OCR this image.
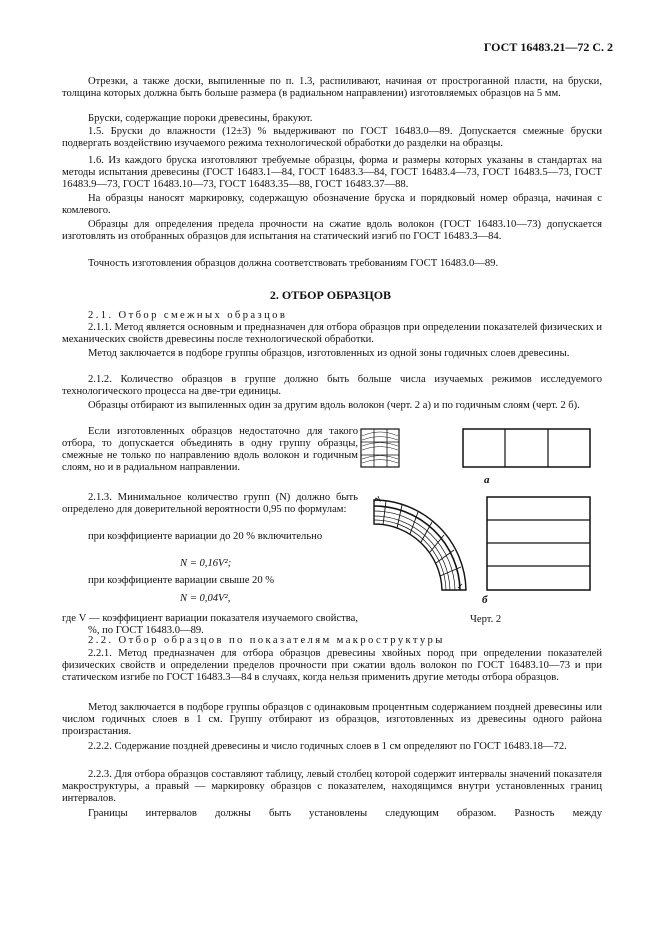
ГОСТ 16483.21—72 С. 2

Отрезки, а также доски, выпиленные по п. 1.3, распиливают, начиная от прострoганной пласти, на бруски, толщина которых должна быть больше размера (в радиальном направлении) изготовляемых образцов на 5 мм.

Бруски, содержащие пороки древесины, бракуют.

1.5. Бруски до влажности (12±3) % выдерживают по ГОСТ 16483.0—89. Допускается смежные бруски подвергать воздействию изучаемого режима технологической обработки до разделки на образцы.

1.6. Из каждого бруска изготовляют требуемые образцы, форма и размеры которых указаны в стандартах на методы испытания древесины (ГОСТ 16483.1—84, ГОСТ 16483.3—84, ГОСТ 16483.4—73, ГОСТ 16483.5—73, ГОСТ 16483.9—73, ГОСТ 16483.10—73, ГОСТ 16483.35—88, ГОСТ 16483.37—88.

На образцы наносят маркировку, содержащую обозначение бруска и порядковый номер образца, начиная с комлевого.

Образцы для определения предела прочности на сжатие вдоль волокон (ГОСТ 16483.10—73) допускается изготовлять из отобранных образцов для испытания на статический изгиб по ГОСТ 16483.3—84.

Точность изготовления образцов должна соответствовать требованиям ГОСТ 16483.0—89.

2. ОТБОР ОБРАЗЦОВ

2.1. Отбор смежных образцов

2.1.1. Метод является основным и предназначен для отбора образцов при определении показателей физических и механических свойств древесины после технологической обработки.

Метод заключается в подборе группы образцов, изготовленных из одной зоны годичных слоев древесины.

2.1.2. Количество образцов в группе должно быть больше числа изучаемых режимов исследуемого технологического процесса на две-три единицы.

Образцы отбирают из выпиленных один за другим вдоль волокон (черт. 2 а) и по годичным слоям (черт. 2 б).

Если изготовленных образцов недостаточно для такого отбора, то допускается объединять в одну группу образцы, смежные не только по направлению вдоль волокон и годичным слоям, но и в радиальном направлении.

2.1.3. Минимальное количество групп (N) должно быть определено для доверительной вероятности 0,95 по формулам:

при коэффициенте вариации до 20 % включительно

N = 0,16V²;

при коэффициенте вариации свыше 20 %

N = 0,04V²,

где V — коэффициент вариации показателя изучаемого свойства, %, по ГОСТ 16483.0—89.

а
б
Черт. 2

2.2. Отбор образцов по показателям макроструктуры

2.2.1. Метод предназначен для отбора образцов древесины хвойных пород при определении показателей физических свойств и определении пределов прочности при сжатии вдоль волокон по ГОСТ 16483.10—73 и при статическом изгибе по ГОСТ 16483.3—84 в случаях, когда нельзя применить другие методы отбора образцов.

Метод заключается в подборе группы образцов с одинаковым процентным содержанием поздней древесины или числом годичных слоев в 1 см. Группу отбирают из образцов, изготовленных из древесины одного района произрастания.

2.2.2. Содержание поздней древесины и число годичных слоев в 1 см определяют по ГОСТ 16483.18—72.

2.2.3. Для отбора образцов составляют таблицу, левый столбец которой содержит интервалы значений показателя макроструктуры, а правый — маркировку образцов с показателем, находящимся внутри установленных границ интервалов.

Границы интервалов должны быть установлены следующим образом. Разность между
